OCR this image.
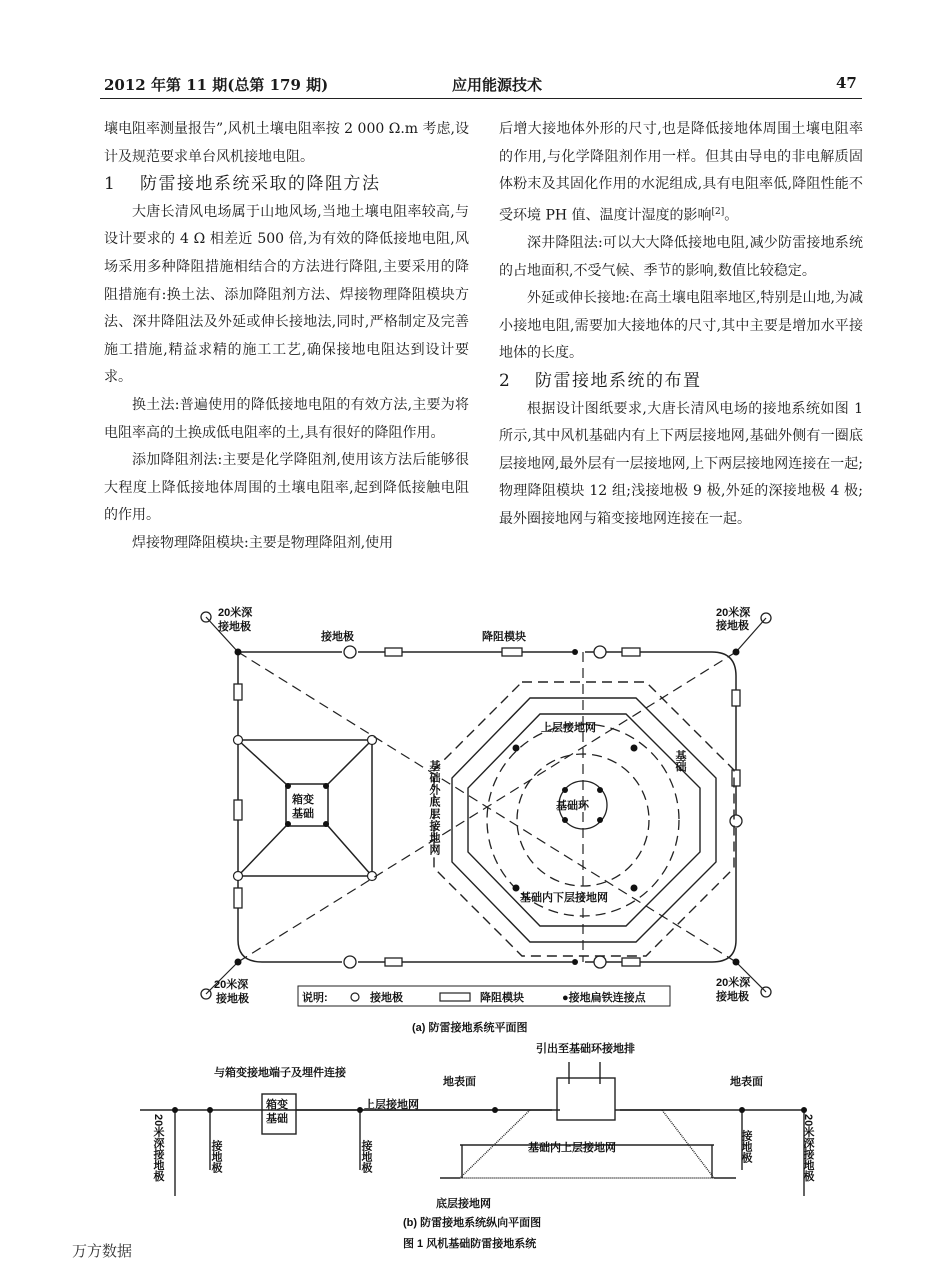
2012 年第 11 期(总第 179 期)	应用能源技术	47

壤电阻率测量报告”,风机土壤电阻率按 2 000 Ω.m 考虑,设计及规范要求单台风机接地电阻。

1 防雷接地系统采取的降阻方法

大唐长清风电场属于山地风场,当地土壤电阻率较高,与设计要求的 4 Ω 相差近 500 倍,为有效的降低接地电阻,风场采用多种降阻措施相结合的方法进行降阻,主要采用的降阻措施有:换土法、添加降阻剂方法、焊接物理降阻模块方法、深井降阻法及外延或伸长接地法,同时,严格制定及完善施工措施,精益求精的施工工艺,确保接地电阻达到设计要求。

换土法:普遍使用的降低接地电阻的有效方法,主要为将电阻率高的土换成低电阻率的土,具有很好的降阻作用。

添加降阻剂法:主要是化学降阻剂,使用该方法后能够很大程度上降低接地体周围的土壤电阻率,起到降低接触电阻的作用。

焊接物理降阻模块:主要是物理降阻剂,使用

后增大接地体外形的尺寸,也是降低接地体周围土壤电阻率的作用,与化学降阻剂作用一样。但其由导电的非电解质固体粉末及其固化作用的水泥组成,具有电阻率低,降阻性能不受环境 PH 值、温度计湿度的影响[2]。

深井降阻法:可以大大降低接地电阻,减少防雷接地系统的占地面积,不受气候、季节的影响,数值比较稳定。

外延或伸长接地:在高土壤电阻率地区,特别是山地,为减小接地电阻,需要加大接地体的尺寸,其中主要是增加水平接地体的长度。

2 防雷接地系统的布置

根据设计图纸要求,大唐长清风电场的接地系统如图 1 所示,其中风机基础内有上下两层接地网,基础外侧有一圈底层接地网,最外层有一层接地网,上下两层接地网连接在一起;物理降阻模块 12 组;浅接地极 9 极,外延的深接地极 4 极;最外圈接地网与箱变接地网连接在一起。

20米深
接地极
20米深
接地极
20米深
接地极
20米深
接地极
接地极	降阻模块
上层接地网
基础环
基础内下层接地网
箱变
基础
基础
基础外底层接地网
说明:	接地极	降阻模块	●接地扁铁连接点
(a) 防雷接地系统平面图
引出至基础环接地排
与箱变接地端子及埋件连接
地表面	地表面
箱变
基础
上层接地网
基础内上层接地网
底层接地网
20米深接地极	20米深接地极
接地极	接地极	接地极
(b) 防雷接地系统纵向平面图
图 1 风机基础防雷接地系统
万方数据
